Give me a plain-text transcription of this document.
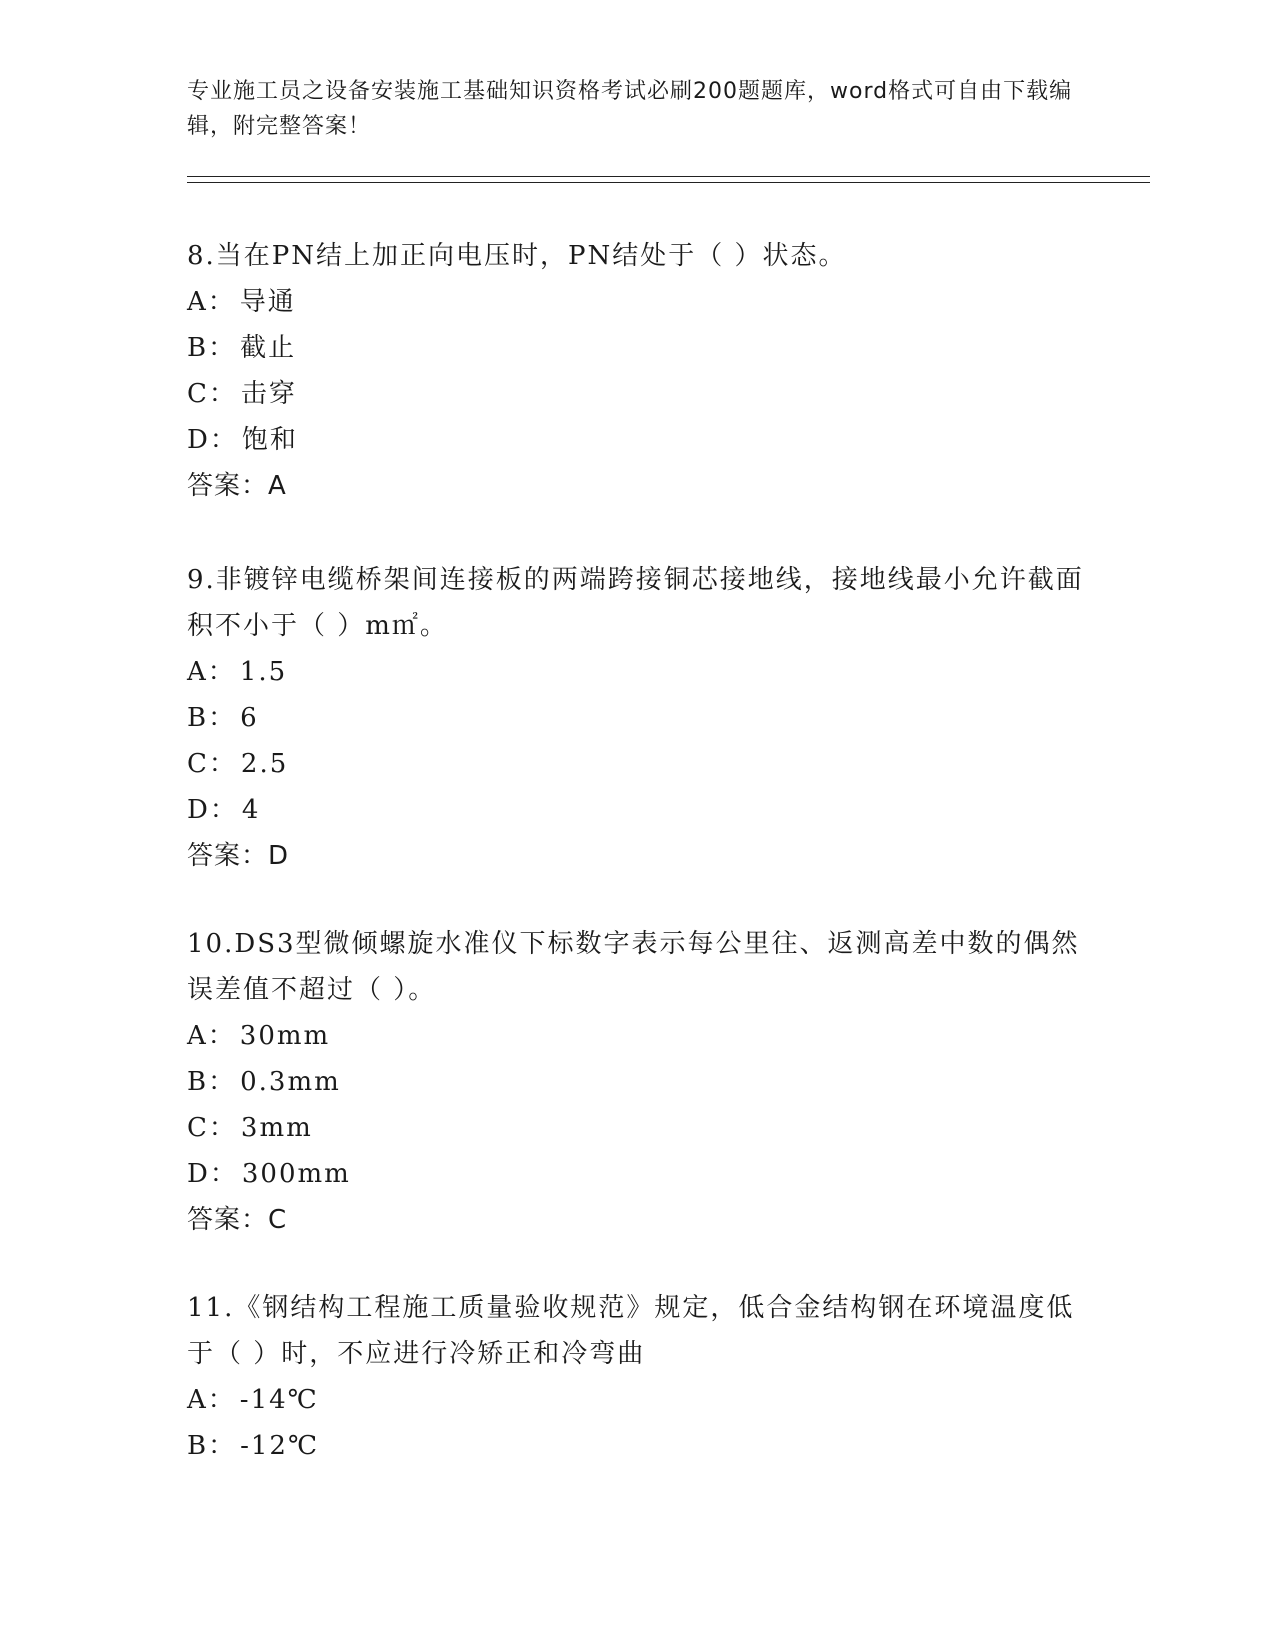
专业施工员之设备安装施工基础知识资格考试必刷200题题库，word格式可自由下载编辑，附完整答案！

8.当在PN结上加正向电压时，PN结处于（ ）状态。

A： 导通
B： 截止
C： 击穿
D： 饱和
答案：A

9.非镀锌电缆桥架间连接板的两端跨接铜芯接地线，接地线最小允许截面积不小于（ ）m㎡。

A： 1.5
B： 6
C： 2.5
D： 4
答案：D

10.DS3型微倾螺旋水准仪下标数字表示每公里往、返测高差中数的偶然误差值不超过（ ）。

A： 30mm
B： 0.3mm
C： 3mm
D： 300mm
答案：C

11.《钢结构工程施工质量验收规范》规定，低合金结构钢在环境温度低于（ ）时，不应进行冷矫正和冷弯曲

A： -14℃
B： -12℃
